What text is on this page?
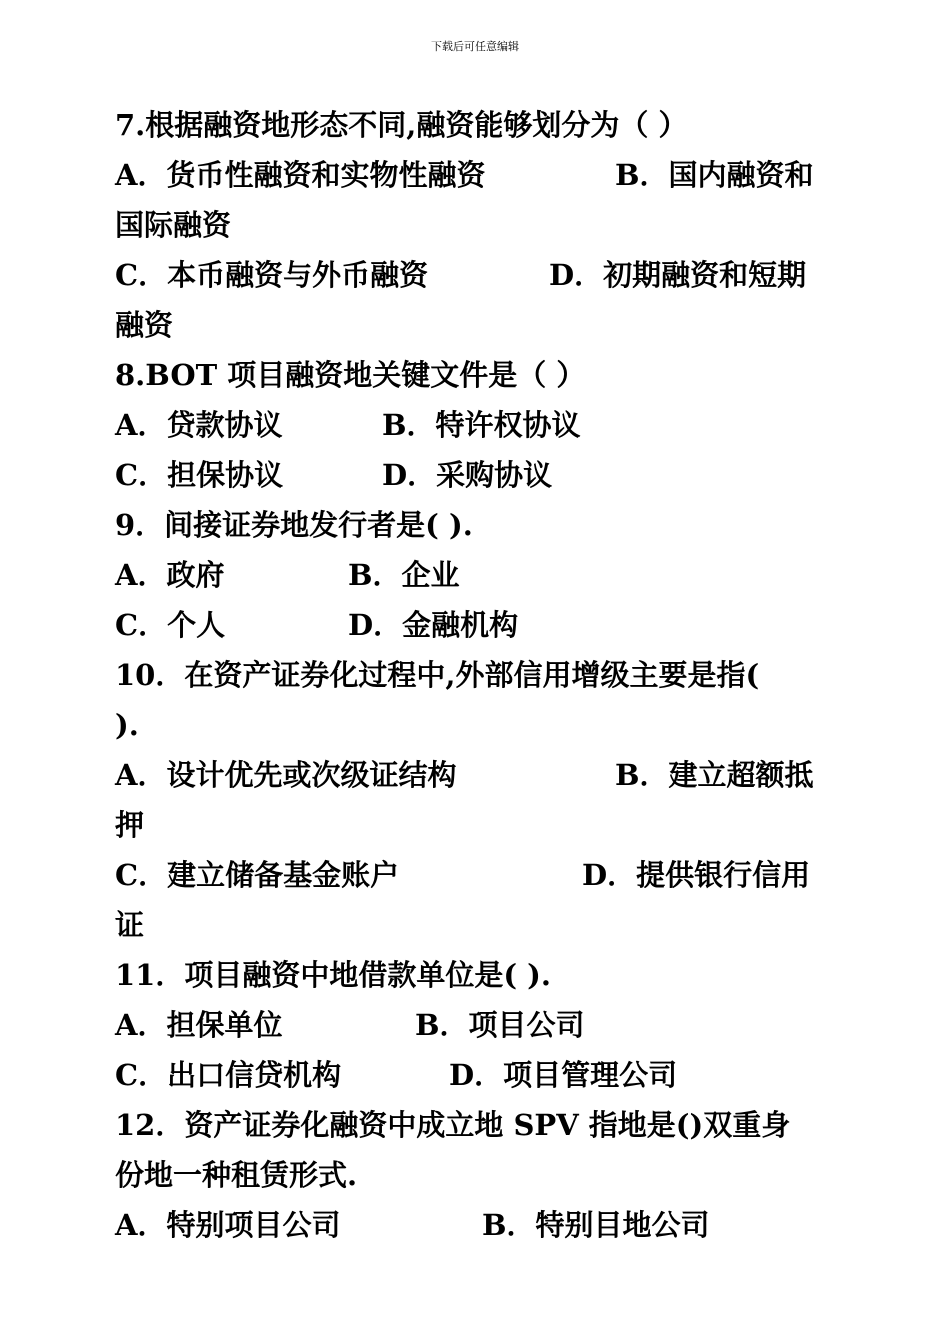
下载后可任意编辑
7.根据融资地形态不同,融资能够划分为（ ）
A．货币性融资和实物性融资	B．国内融资和
国际融资
C．本币融资与外币融资	D．初期融资和短期
融资
8.BOT 项目融资地关键文件是（ ）
A．贷款协议	B．特许权协议
C．担保协议	D．采购协议
9．间接证券地发行者是( ).
A．政府	B．企业
C．个人	D．金融机构
10．在资产证券化过程中,外部信用增级主要是指(
).
A．设计优先或次级证结构	B．建立超额抵
押
C．建立储备基金账户	D．提供银行信用
证
11．项目融资中地借款单位是( ).
A．担保单位	B．项目公司
C．出口信贷机构	D．项目管理公司
12．资产证券化融资中成立地 SPV 指地是()双重身
份地一种租赁形式.
A．特别项目公司	B．特别目地公司
